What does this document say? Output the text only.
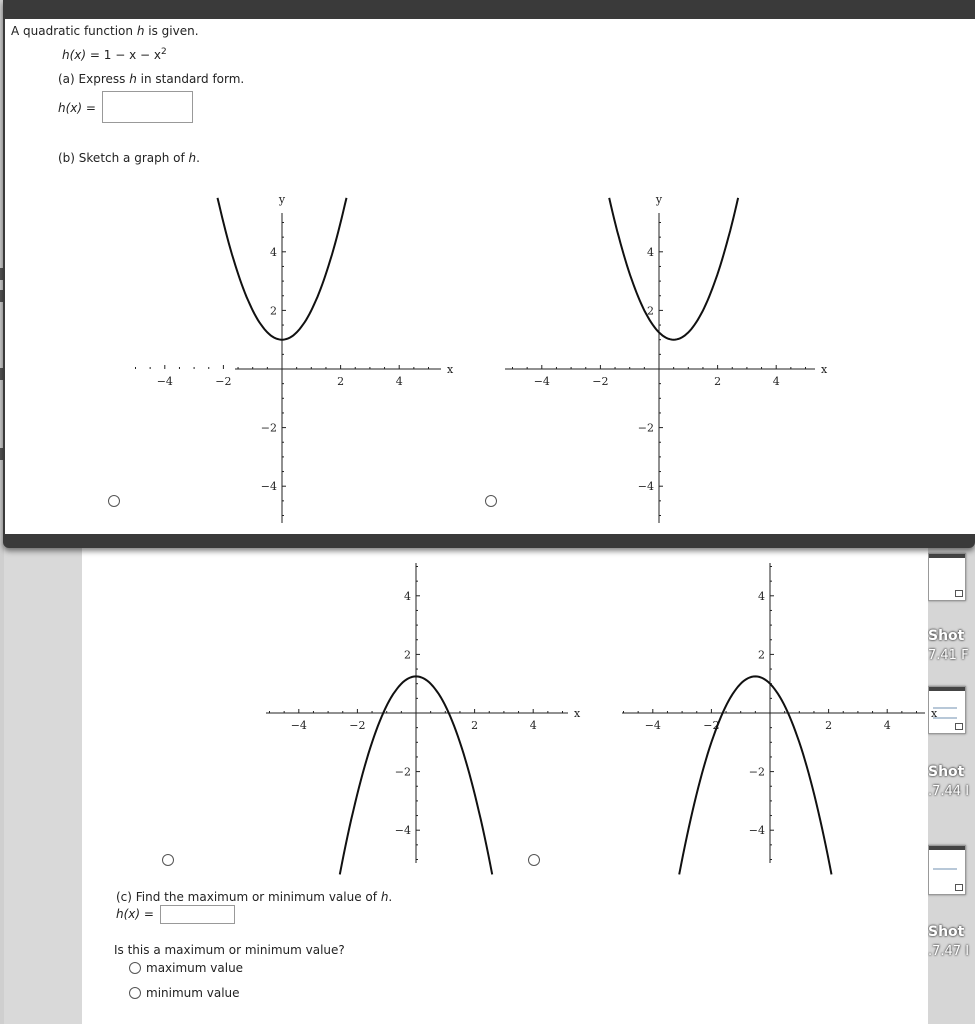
Shot
7.41 F
Shot
.7.44 I
Shot
.7.47 I
−4
−4
−2
−2
2
2
4
4
x
−4
−4
−2
−2
2
2
4
4
x
(c) Find the maximum or minimum value of h.
h(x) =
Is this a maximum or minimum value?
maximum value
minimum value
A quadratic function h is given.
$h(x) = 1 - x - x^2$
(a) Express h in standard form.
h(x) =
(b) Sketch a graph of h.
−4
−4
−2
−2
2
2
4
4
x
y
−4
−4
−2
−2
2
2
4
4
x
y
